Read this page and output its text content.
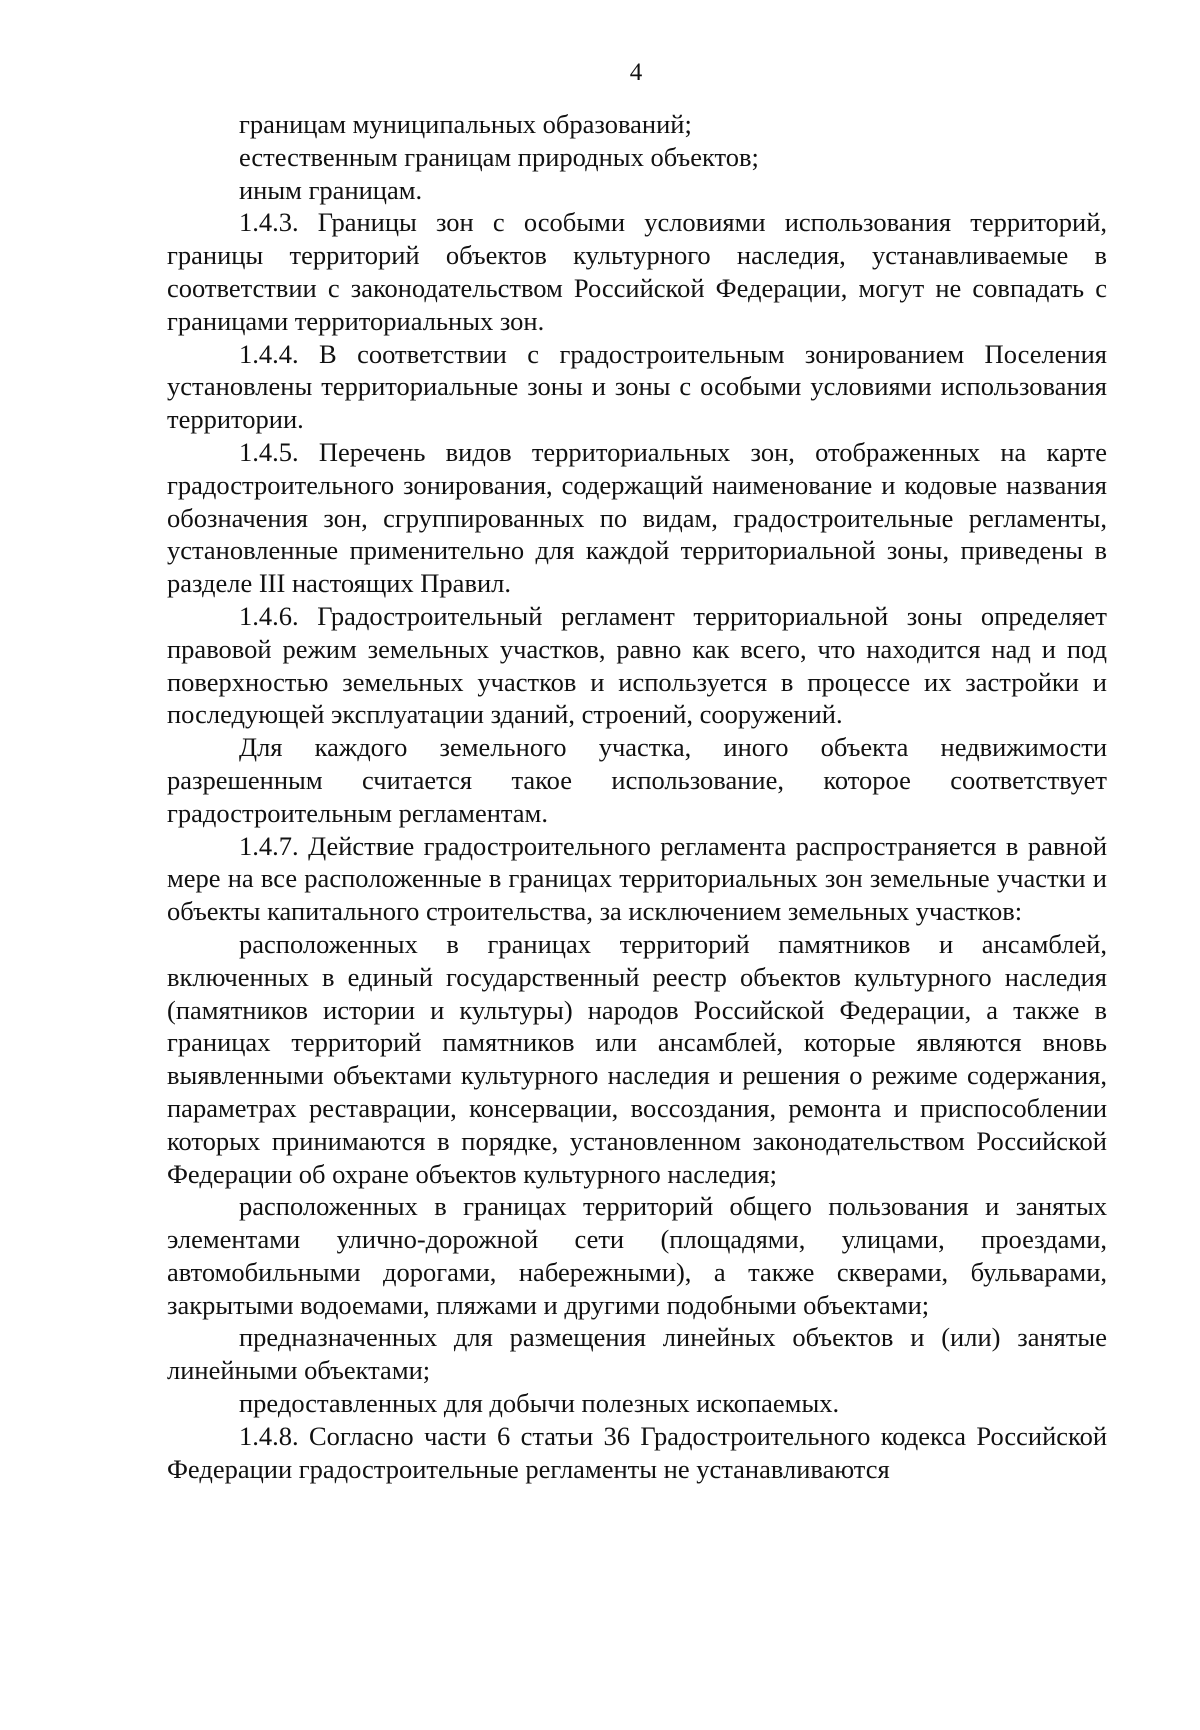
4

границам муниципальных образований;

естественным границам природных объектов;

иным границам.

1.4.3. Границы зон с особыми условиями использования территорий, границы территорий объектов культурного наследия, устанавливаемые в соответствии с законодательством Российской Федерации, могут не совпадать с границами территориальных зон.

1.4.4. В соответствии с градостроительным зонированием Поселения установлены территориальные зоны и зоны с особыми условиями использования территории.

1.4.5. Перечень видов территориальных зон, отображенных на карте градостроительного зонирования, содержащий наименование и кодовые названия обозначения зон, сгруппированных по видам, градостроительные регламенты, установленные применительно для каждой территориальной зоны, приведены в разделе III настоящих Правил.

1.4.6. Градостроительный регламент территориальной зоны определяет правовой режим земельных участков, равно как всего, что находится над и под поверхностью земельных участков и используется в процессе их застройки и последующей эксплуатации зданий, строений, сооружений.

Для каждого земельного участка, иного объекта недвижимости разрешенным считается такое использование, которое соответствует градостроительным регламентам.

1.4.7. Действие градостроительного регламента распространяется в равной мере на все расположенные в границах территориальных зон земельные участки и объекты капитального строительства, за исключением земельных участков:

расположенных в границах территорий памятников и ансамблей, включенных в единый государственный реестр объектов культурного наследия (памятников истории и культуры) народов Российской Федерации, а также в границах территорий памятников или ансамблей, которые являются вновь выявленными объектами культурного наследия и решения о режиме содержания, параметрах реставрации, консервации, воссоздания, ремонта и приспособлении которых принимаются в порядке, установленном законодательством Российской Федерации об охране объектов культурного наследия;

расположенных в границах территорий общего пользования и занятых элементами улично-дорожной сети (площадями, улицами, проездами, автомобильными дорогами, набережными), а также скверами, бульварами, закрытыми водоемами, пляжами и другими подобными объектами;

предназначенных для размещения линейных объектов и (или) занятые линейными объектами;

предоставленных для добычи полезных ископаемых.

1.4.8. Согласно части 6 статьи 36 Градостроительного кодекса Российской Федерации градостроительные регламенты не устанавливаются
